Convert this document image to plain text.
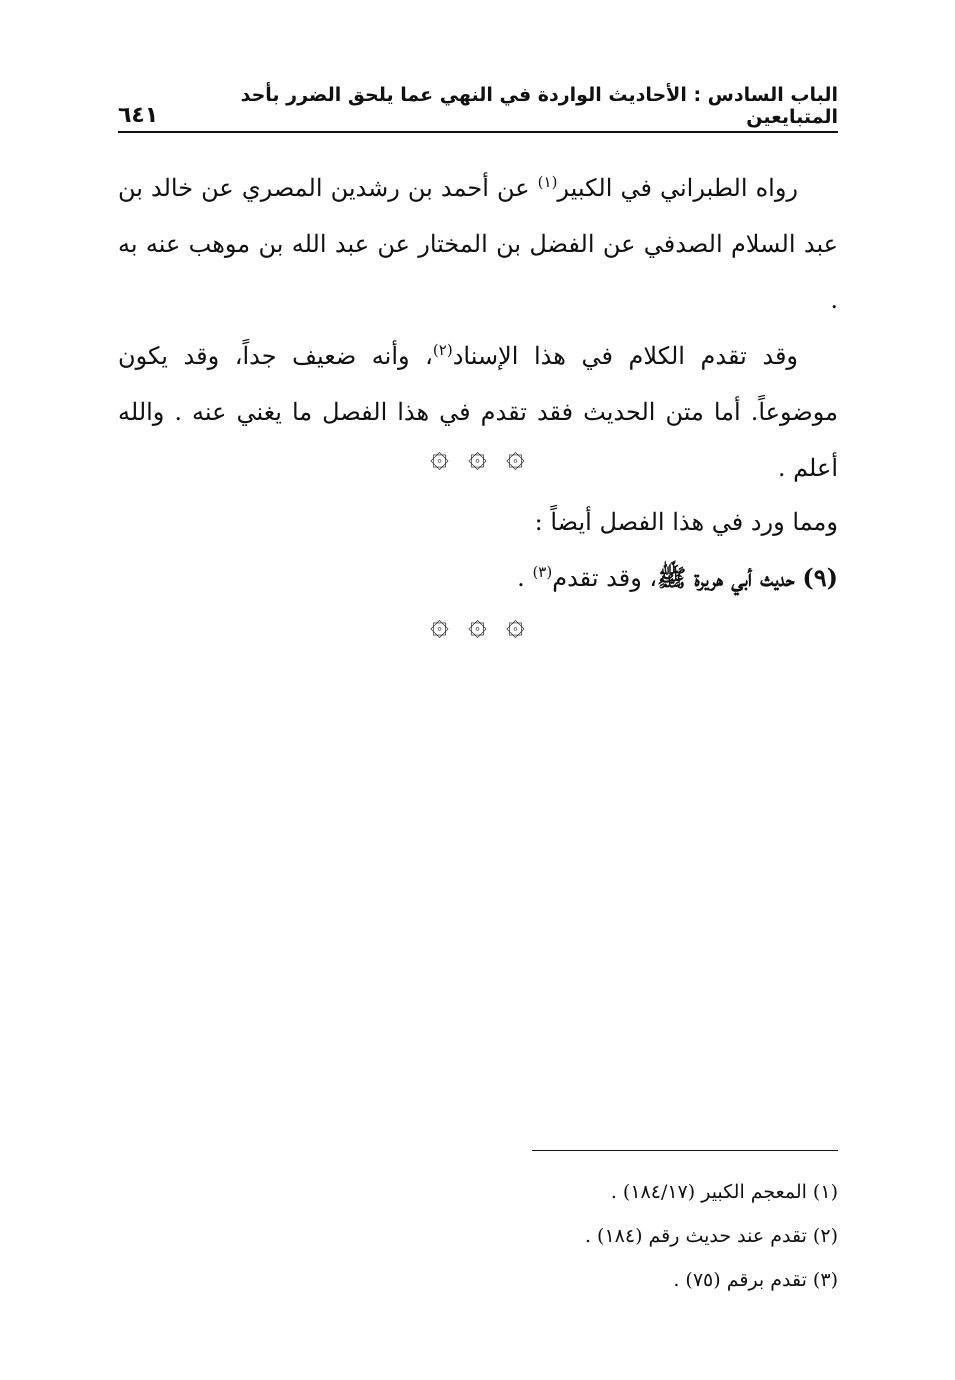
الباب السادس : الأحاديث الواردة في النهي عما يلحق الضرر بأحد المتبايعين
٦٤١

رواه الطبراني في الكبير$^{(١)}$ عن أحمد بن رشدين المصري عن خالد بن عبد السلام الصدفي عن الفضل بن المختار عن عبد الله بن موهب عنه به .

وقد تقدم الكلام في هذا الإسناد$^{(٢)}$، وأنه ضعيف جداً، وقد يكون موضوعاً. أما متن الحديث فقد تقدم في هذا الفصل ما يغني عنه . والله أعلم .

۞ ۞ ۞

ومما ورد في هذا الفصل أيضاً :

(٩) حديث أبي هريرة ﷺ، وقد تقدم$^{(٣)}$ .

۞ ۞ ۞
(١) المعجم الكبير (١٨٤/١٧) .
(٢) تقدم عند حديث رقم (١٨٤) .
(٣) تقدم برقم (٧٥) .
